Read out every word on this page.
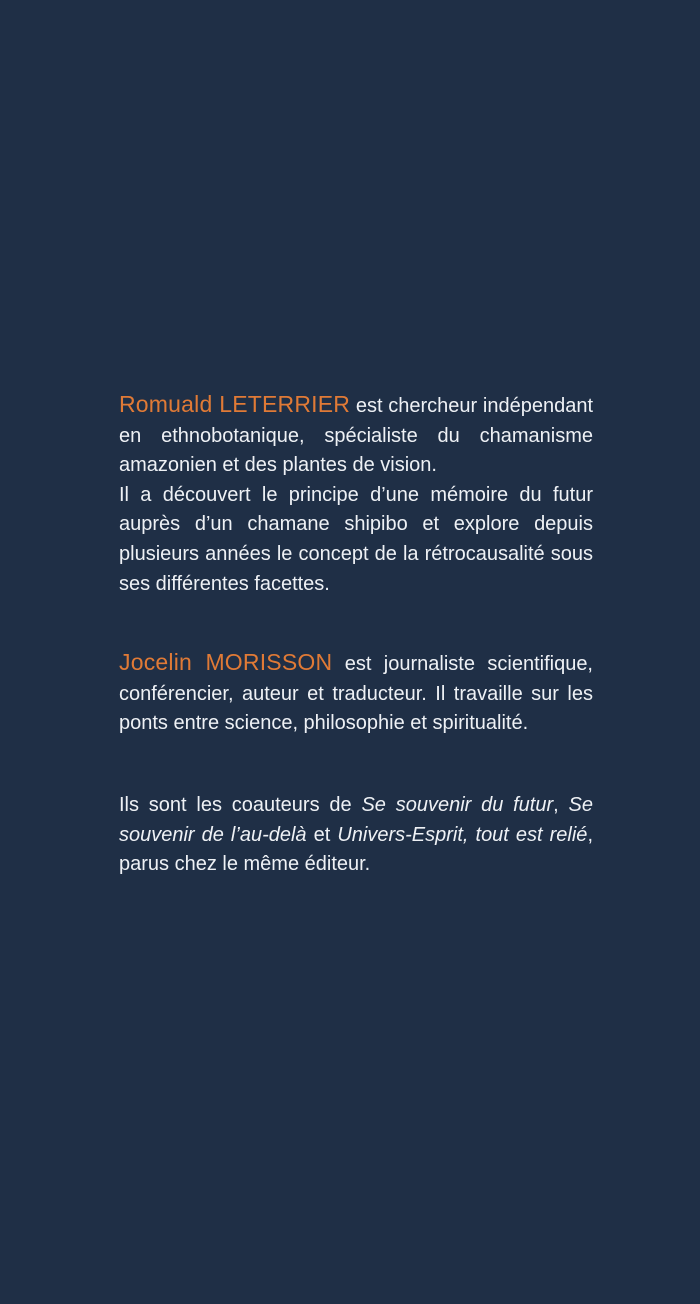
Romuald LETERRIER est chercheur indépendant en ethnobotanique, spécialiste du chamanisme amazonien et des plantes de vision.

Il a découvert le principe d’une mémoire du futur auprès d’un chamane shipibo et explore depuis plusieurs années le concept de la rétrocausalité sous ses différentes facettes.

Jocelin MORISSON est journaliste scientifique, conférencier, auteur et traducteur. Il travaille sur les ponts entre science, philosophie et spiritualité.

Ils sont les coauteurs de Se souvenir du futur, Se souvenir de l’au-delà et Univers-Esprit, tout est relié, parus chez le même éditeur.
